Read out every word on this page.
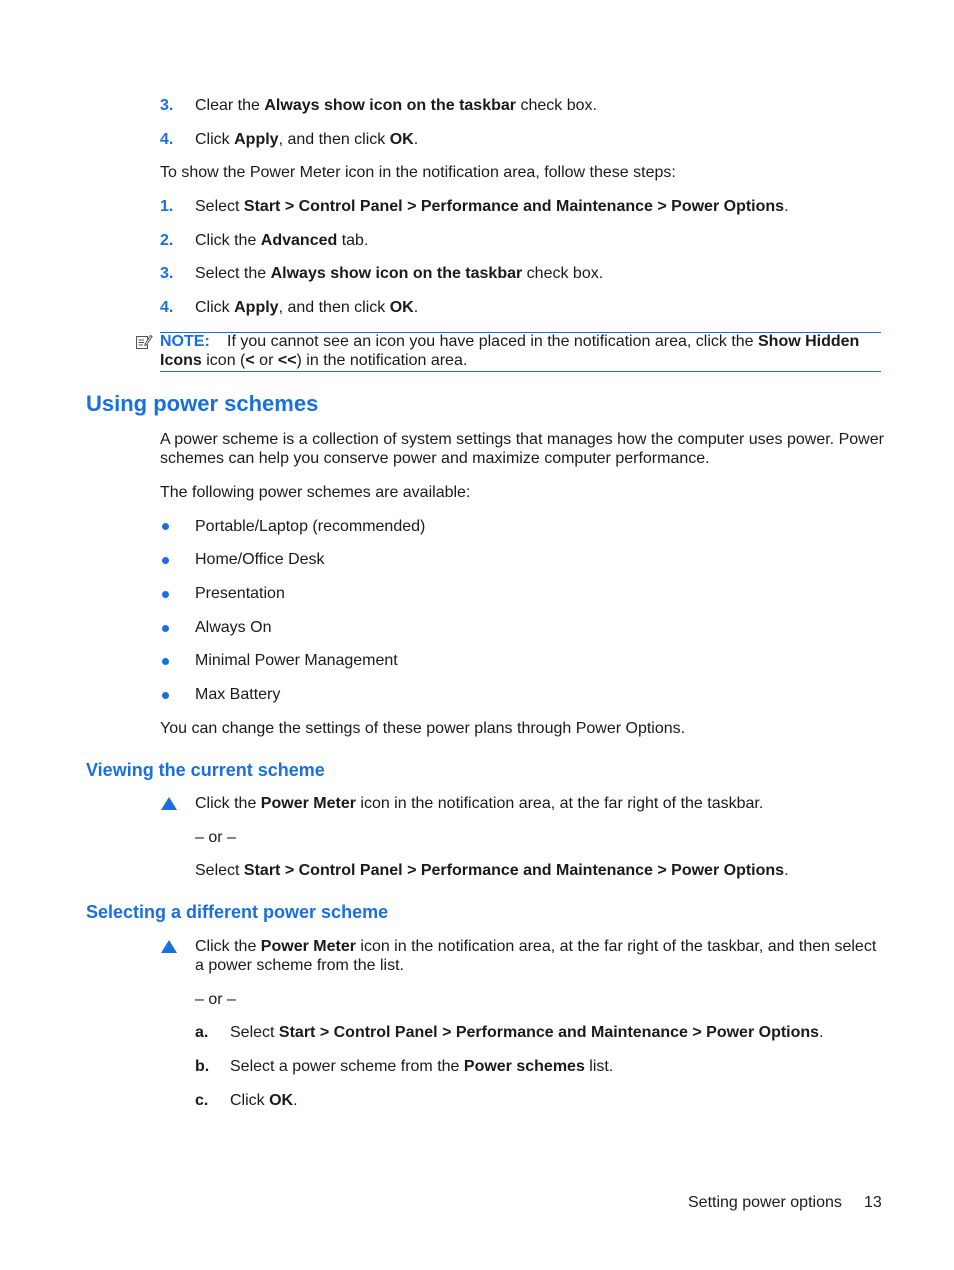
3. Clear the Always show icon on the taskbar check box.
4. Click Apply, and then click OK.
To show the Power Meter icon in the notification area, follow these steps:
1. Select Start > Control Panel > Performance and Maintenance > Power Options.
2. Click the Advanced tab.
3. Select the Always show icon on the taskbar check box.
4. Click Apply, and then click OK.
NOTE: If you cannot see an icon you have placed in the notification area, click the Show Hidden
Icons icon (< or <<) in the notification area.
Using power schemes
A power scheme is a collection of system settings that manages how the computer uses power. Power
schemes can help you conserve power and maximize computer performance.
The following power schemes are available:
Portable/Laptop (recommended)
Home/Office Desk
Presentation
Always On
Minimal Power Management
Max Battery
You can change the settings of these power plans through Power Options.
Viewing the current scheme
Click the Power Meter icon in the notification area, at the far right of the taskbar.
– or –
Select Start > Control Panel > Performance and Maintenance > Power Options.
Selecting a different power scheme
Click the Power Meter icon in the notification area, at the far right of the taskbar, and then select
a power scheme from the list.
– or –
a. Select Start > Control Panel > Performance and Maintenance > Power Options.
b. Select a power scheme from the Power schemes list.
c. Click OK.
Setting power options 13
